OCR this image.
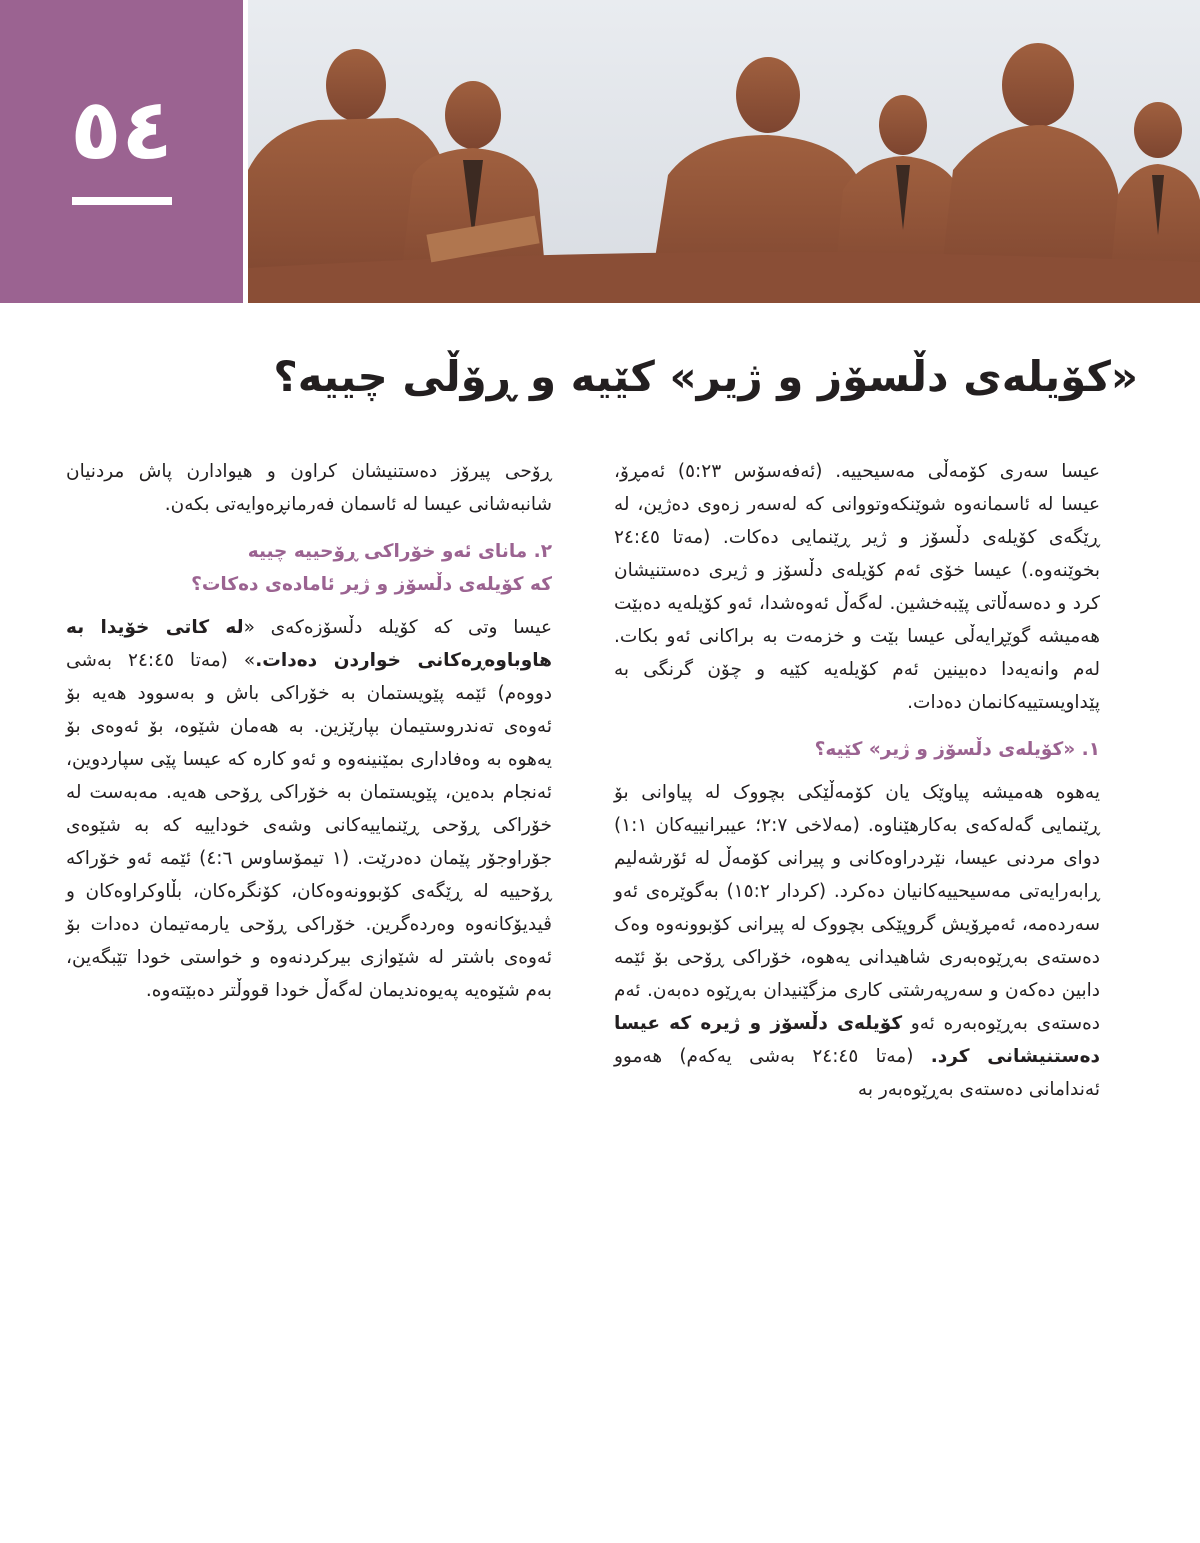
٥٤
«کۆیلەی دڵسۆز و ژیر» کێیە و ڕۆڵی چییە؟

عیسا سەری کۆمەڵی مەسیحییە. (ئەفەسۆس ٥:٢٣) ئەمڕۆ، عیسا لە ئاسمانەوە شوێنکەوتووانی کە لەسەر زەوی دەژین، لە ڕێگەی کۆیلەی دڵسۆز و ژیر ڕێنمایی دەکات. (مەتا ٢٤:٤٥ بخوێنەوە.) عیسا خۆی ئەم کۆیلەی دڵسۆز و ژیری دەستنیشان کرد و دەسەڵاتی پێبەخشین. لەگەڵ ئەوەشدا، ئەو کۆیلەیە دەبێت هەمیشە گوێڕایەڵی عیسا بێت و خزمەت بە براکانی ئەو بکات. لەم وانەیەدا دەبینین ئەم کۆیلەیە کێیە و چۆن گرنگی بە پێداویستییەکانمان دەدات.

١. «کۆیلەی دڵسۆز و ژیر» کێیە؟

یەهوە هەمیشە پیاوێک یان کۆمەڵێکی بچووک لە پیاوانی بۆ ڕێنمایی گەلەکەی بەکارهێناوە. (مەلاخی ٢:٧؛ عیبرانییەکان ١:١) دوای مردنی عیسا، نێردراوەکانی و پیرانی کۆمەڵ لە ئۆرشەلیم ڕابەرایەتی مەسیحییەکانیان دەکرد. (کردار ١٥:٢) بەگوێرەی ئەو سەردەمە، ئەمڕۆیش گروپێکی بچووک لە پیرانی کۆبوونەوە وەک دەستەی بەڕێوەبەری شاهیدانی یەهوە، خۆراکی ڕۆحی بۆ ئێمە دابین دەکەن و سەرپەرشتی کاری مزگێنیدان بەڕێوە دەبەن. ئەم دەستەی بەڕێوەبەرە ئەو کۆیلەی دڵسۆز و ژیرە کە عیسا دەستنیشانی کرد. (مەتا ٢٤:٤٥ بەشی یەکەم) هەموو ئەندامانی دەستەی بەڕێوەبەر بە

ڕۆحی پیرۆز دەستنیشان کراون و هیوادارن پاش مردنیان شانبەشانی عیسا لە ئاسمان فەرمانڕەوایەتی بکەن.

٢. مانای ئەو خۆراکی ڕۆحییە چییە
کە کۆیلەی دڵسۆز و ژیر ئامادەی دەکات؟

عیسا وتی کە کۆیلە دڵسۆزەکەی «لە کاتی خۆیدا بە هاوباوەڕەکانی خواردن دەدات.» (مەتا ٢٤:٤٥ بەشی دووەم) ئێمە پێویستمان بە خۆراکی باش و بەسوود هەیە بۆ ئەوەی تەندروستیمان بپارێزین. بە هەمان شێوە، بۆ ئەوەی بۆ یەهوە بە وەفاداری بمێنینەوە و ئەو کارە کە عیسا پێی سپاردوین، ئەنجام بدەین، پێویستمان بە خۆراکی ڕۆحی هەیە. مەبەست لە خۆراکی ڕۆحی ڕێنماییەکانی وشەی خوداییە کە بە شێوەی جۆراوجۆر پێمان دەدرێت. (١ تیمۆساوس ٤:٦) ئێمە ئەو خۆراکە ڕۆحییە لە ڕێگەی کۆبوونەوەکان، کۆنگرەکان، بڵاوکراوەکان و ڤیدیۆکانەوە وەردەگرین. خۆراکی ڕۆحی یارمەتیمان دەدات بۆ ئەوەی باشتر لە شێوازی بیرکردنەوە و خواستی خودا تێبگەین، بەم شێوەیە پەیوەندیمان لەگەڵ خودا قووڵتر دەبێتەوە.
